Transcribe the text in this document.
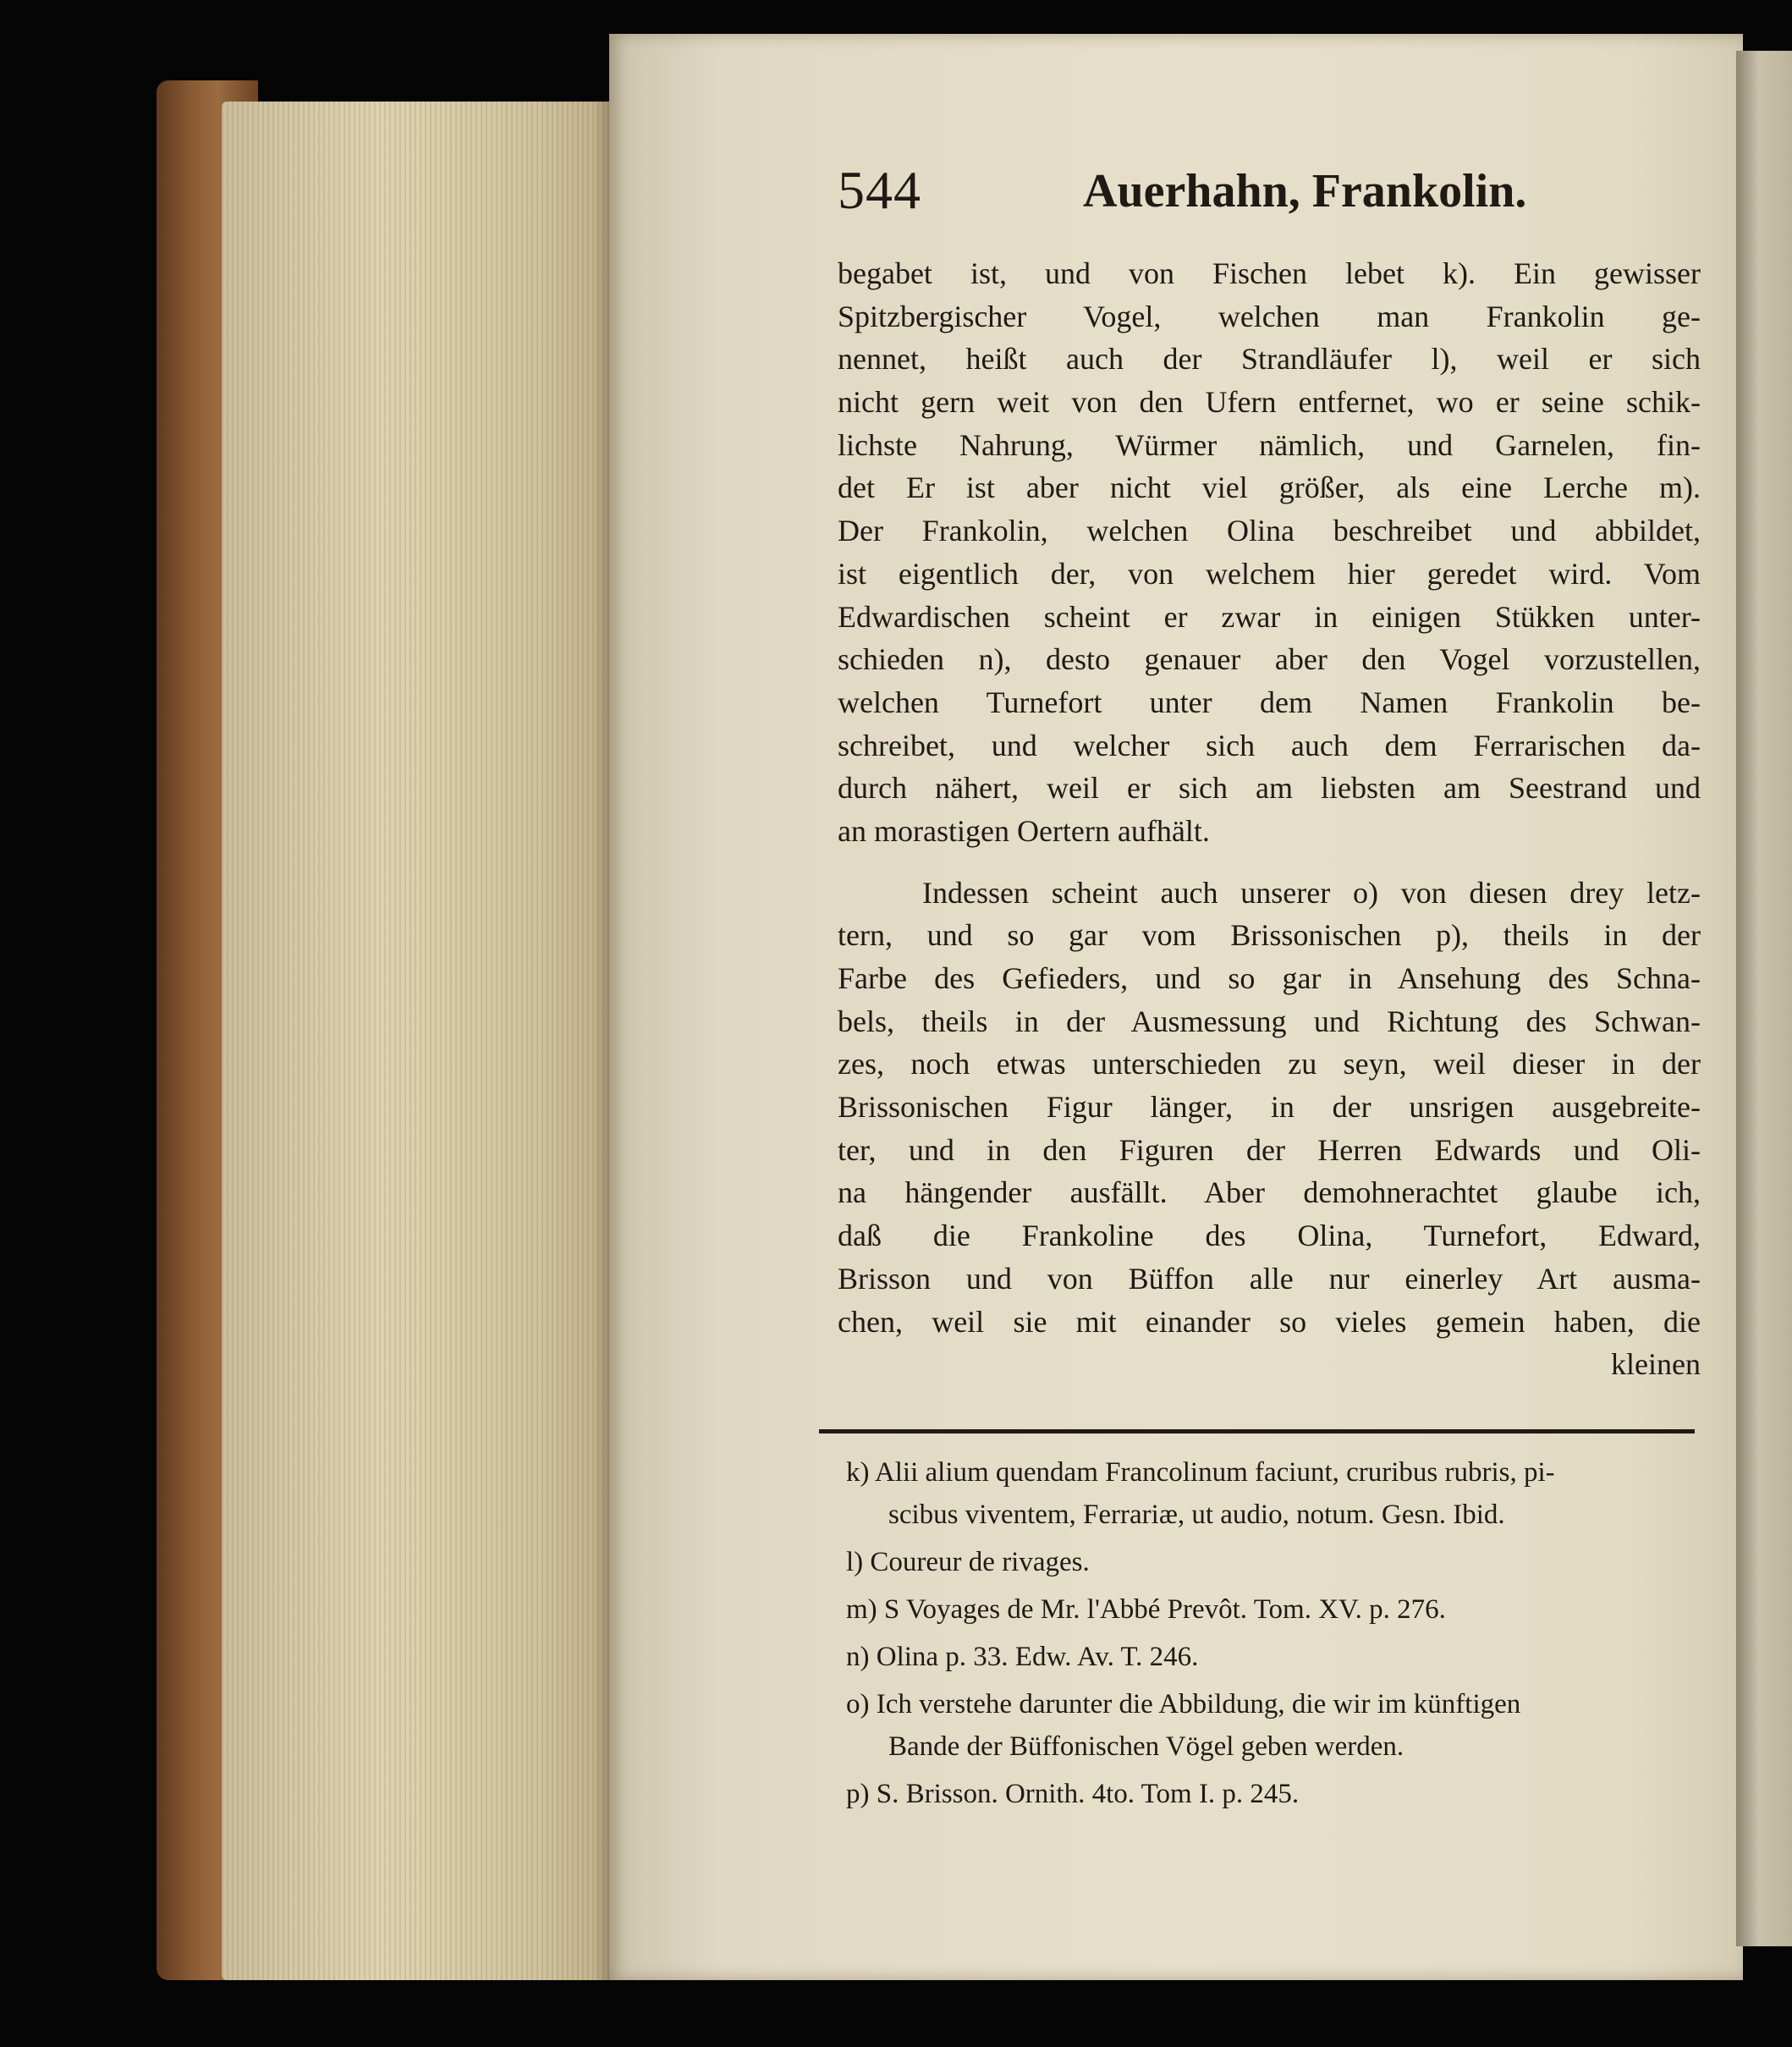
544	Auerhahn, Frankolin.
begabet ist, und von Fischen lebet k). Ein gewisser
Spitzbergischer Vogel, welchen man Frankolin ge-
nennet, heißt auch der Strandläufer l), weil er sich
nicht gern weit von den Ufern entfernet, wo er seine schik-
lichste Nahrung, Würmer nämlich, und Garnelen, fin-
det Er ist aber nicht viel größer, als eine Lerche m).
Der Frankolin, welchen Olina beschreibet und abbildet,
ist eigentlich der, von welchem hier geredet wird. Vom
Edwardischen scheint er zwar in einigen Stükken unter-
schieden n), desto genauer aber den Vogel vorzustellen,
welchen Turnefort unter dem Namen Frankolin be-
schreibet, und welcher sich auch dem Ferrarischen da-
durch nähert, weil er sich am liebsten am Seestrand und
an morastigen Oertern aufhält.
Indessen scheint auch unserer o) von diesen drey letz-
tern, und so gar vom Brissonischen p), theils in der
Farbe des Gefieders, und so gar in Ansehung des Schna-
bels, theils in der Ausmessung und Richtung des Schwan-
zes, noch etwas unterschieden zu seyn, weil dieser in der
Brissonischen Figur länger, in der unsrigen ausgebreite-
ter, und in den Figuren der Herren Edwards und Oli-
na hängender ausfällt. Aber demohnerachtet glaube ich,
daß die Frankoline des Olina, Turnefort, Edward,
Brisson und von Büffon alle nur einerley Art ausma-
chen, weil sie mit einander so vieles gemein haben, die
kleinen
k) Alii alium quendam Francolinum faciunt, cruribus rubris, pi-
scibus viventem, Ferrariæ, ut audio, notum. Gesn. Ibid.
l) Coureur de rivages.
m) S Voyages de Mr. l'Abbé Prevôt. Tom. XV. p. 276.
n) Olina p. 33. Edw. Av. T. 246.
o) Ich verstehe darunter die Abbildung, die wir im künftigen
Bande der Büffonischen Vögel geben werden.
p) S. Brisson. Ornith. 4to. Tom I. p. 245.
